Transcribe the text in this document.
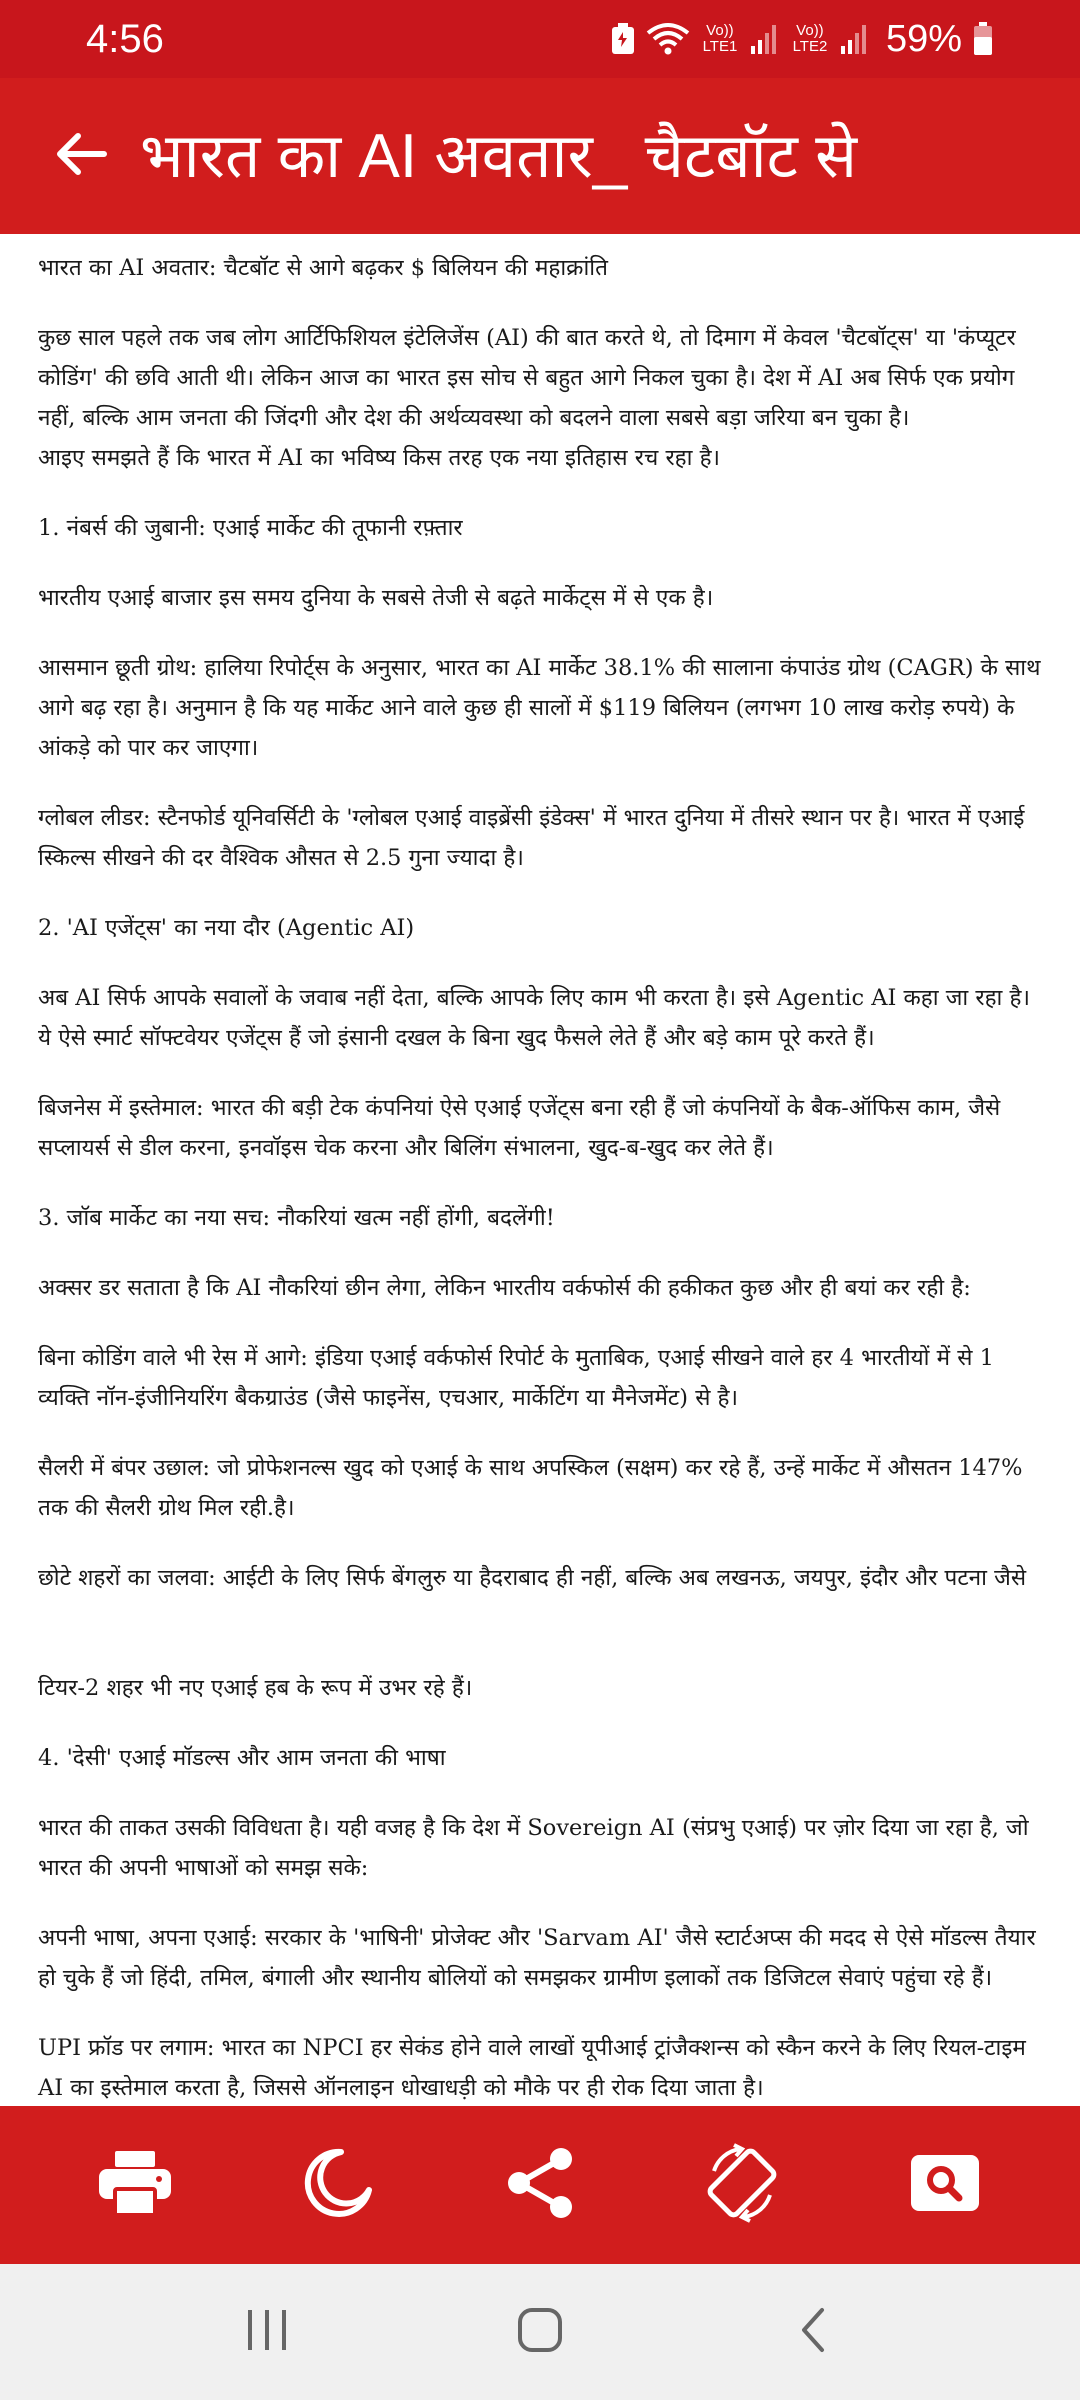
4:56	Vo)) LTE1
Vo)) LTE2 59%
भारत का AI अवतार_ चैटबॉट से

भारत का AI अवतार: चैटबॉट से आगे बढ़कर $ बिलियन की महाक्रांति

कुछ साल पहले तक जब लोग आर्टिफिशियल इंटेलिजेंस (AI) की बात करते थे, तो दिमाग में केवल 'चैटबॉट्स' या 'कंप्यूटर कोडिंग' की छवि आती थी। लेकिन आज का भारत इस सोच से बहुत आगे निकल चुका है। देश में AI अब सिर्फ एक प्रयोग नहीं, बल्कि आम जनता की जिंदगी और देश की अर्थव्यवस्था को बदलने वाला सबसे बड़ा जरिया बन चुका है।
आइए समझते हैं कि भारत में AI का भविष्य किस तरह एक नया इतिहास रच रहा है।

1. नंबर्स की जुबानी: एआई मार्केट की तूफानी रफ़्तार

भारतीय एआई बाजार इस समय दुनिया के सबसे तेजी से बढ़ते मार्केट्स में से एक है।

आसमान छूती ग्रोथ: हालिया रिपोर्ट्स के अनुसार, भारत का AI मार्केट 38.1% की सालाना कंपाउंड ग्रोथ (CAGR) के साथ आगे बढ़ रहा है। अनुमान है कि यह मार्केट आने वाले कुछ ही सालों में $119 बिलियन (लगभग 10 लाख करोड़ रुपये) के आंकड़े को पार कर जाएगा।

ग्लोबल लीडर: स्टैनफोर्ड यूनिवर्सिटी के 'ग्लोबल एआई वाइब्रेंसी इंडेक्स' में भारत दुनिया में तीसरे स्थान पर है। भारत में एआई स्किल्स सीखने की दर वैश्विक औसत से 2.5 गुना ज्यादा है।

2. 'AI एजेंट्स' का नया दौर (Agentic AI)

अब AI सिर्फ आपके सवालों के जवाब नहीं देता, बल्कि आपके लिए काम भी करता है। इसे Agentic AI कहा जा रहा है। ये ऐसे स्मार्ट सॉफ्टवेयर एजेंट्स हैं जो इंसानी दखल के बिना खुद फैसले लेते हैं और बड़े काम पूरे करते हैं।

बिजनेस में इस्तेमाल: भारत की बड़ी टेक कंपनियां ऐसे एआई एजेंट्स बना रही हैं जो कंपनियों के बैक-ऑफिस काम, जैसे सप्लायर्स से डील करना, इनवॉइस चेक करना और बिलिंग संभालना, खुद-ब-खुद कर लेते हैं।

3. जॉब मार्केट का नया सच: नौकरियां खत्म नहीं होंगी, बदलेंगी!

अक्सर डर सताता है कि AI नौकरियां छीन लेगा, लेकिन भारतीय वर्कफोर्स की हकीकत कुछ और ही बयां कर रही है:

बिना कोडिंग वाले भी रेस में आगे: इंडिया एआई वर्कफोर्स रिपोर्ट के मुताबिक, एआई सीखने वाले हर 4 भारतीयों में से 1 व्यक्ति नॉन-इंजीनियरिंग बैकग्राउंड (जैसे फाइनेंस, एचआर, मार्केटिंग या मैनेजमेंट) से है।

सैलरी में बंपर उछाल: जो प्रोफेशनल्स खुद को एआई के साथ अपस्किल (सक्षम) कर रहे हैं, उन्हें मार्केट में औसतन 147% तक की सैलरी ग्रोथ मिल रही.है।

छोटे शहरों का जलवा: आईटी के लिए सिर्फ बेंगलुरु या हैदराबाद ही नहीं, बल्कि अब लखनऊ, जयपुर, इंदौर और पटना जैसे

टियर-2 शहर भी नए एआई हब के रूप में उभर रहे हैं।

4. 'देसी' एआई मॉडल्स और आम जनता की भाषा

भारत की ताकत उसकी विविधता है। यही वजह है कि देश में Sovereign AI (संप्रभु एआई) पर ज़ोर दिया जा रहा है, जो भारत की अपनी भाषाओं को समझ सके:

अपनी भाषा, अपना एआई: सरकार के 'भाषिनी' प्रोजेक्ट और 'Sarvam AI' जैसे स्टार्टअप्स की मदद से ऐसे मॉडल्स तैयार हो चुके हैं जो हिंदी, तमिल, बंगाली और स्थानीय बोलियों को समझकर ग्रामीण इलाकों तक डिजिटल सेवाएं पहुंचा रहे हैं।

UPI फ्रॉड पर लगाम: भारत का NPCI हर सेकंड होने वाले लाखों यूपीआई ट्रांजैक्शन्स को स्कैन करने के लिए रियल-टाइम AI का इस्तेमाल करता है, जिससे ऑनलाइन धोखाधड़ी को मौके पर ही रोक दिया जाता है।
